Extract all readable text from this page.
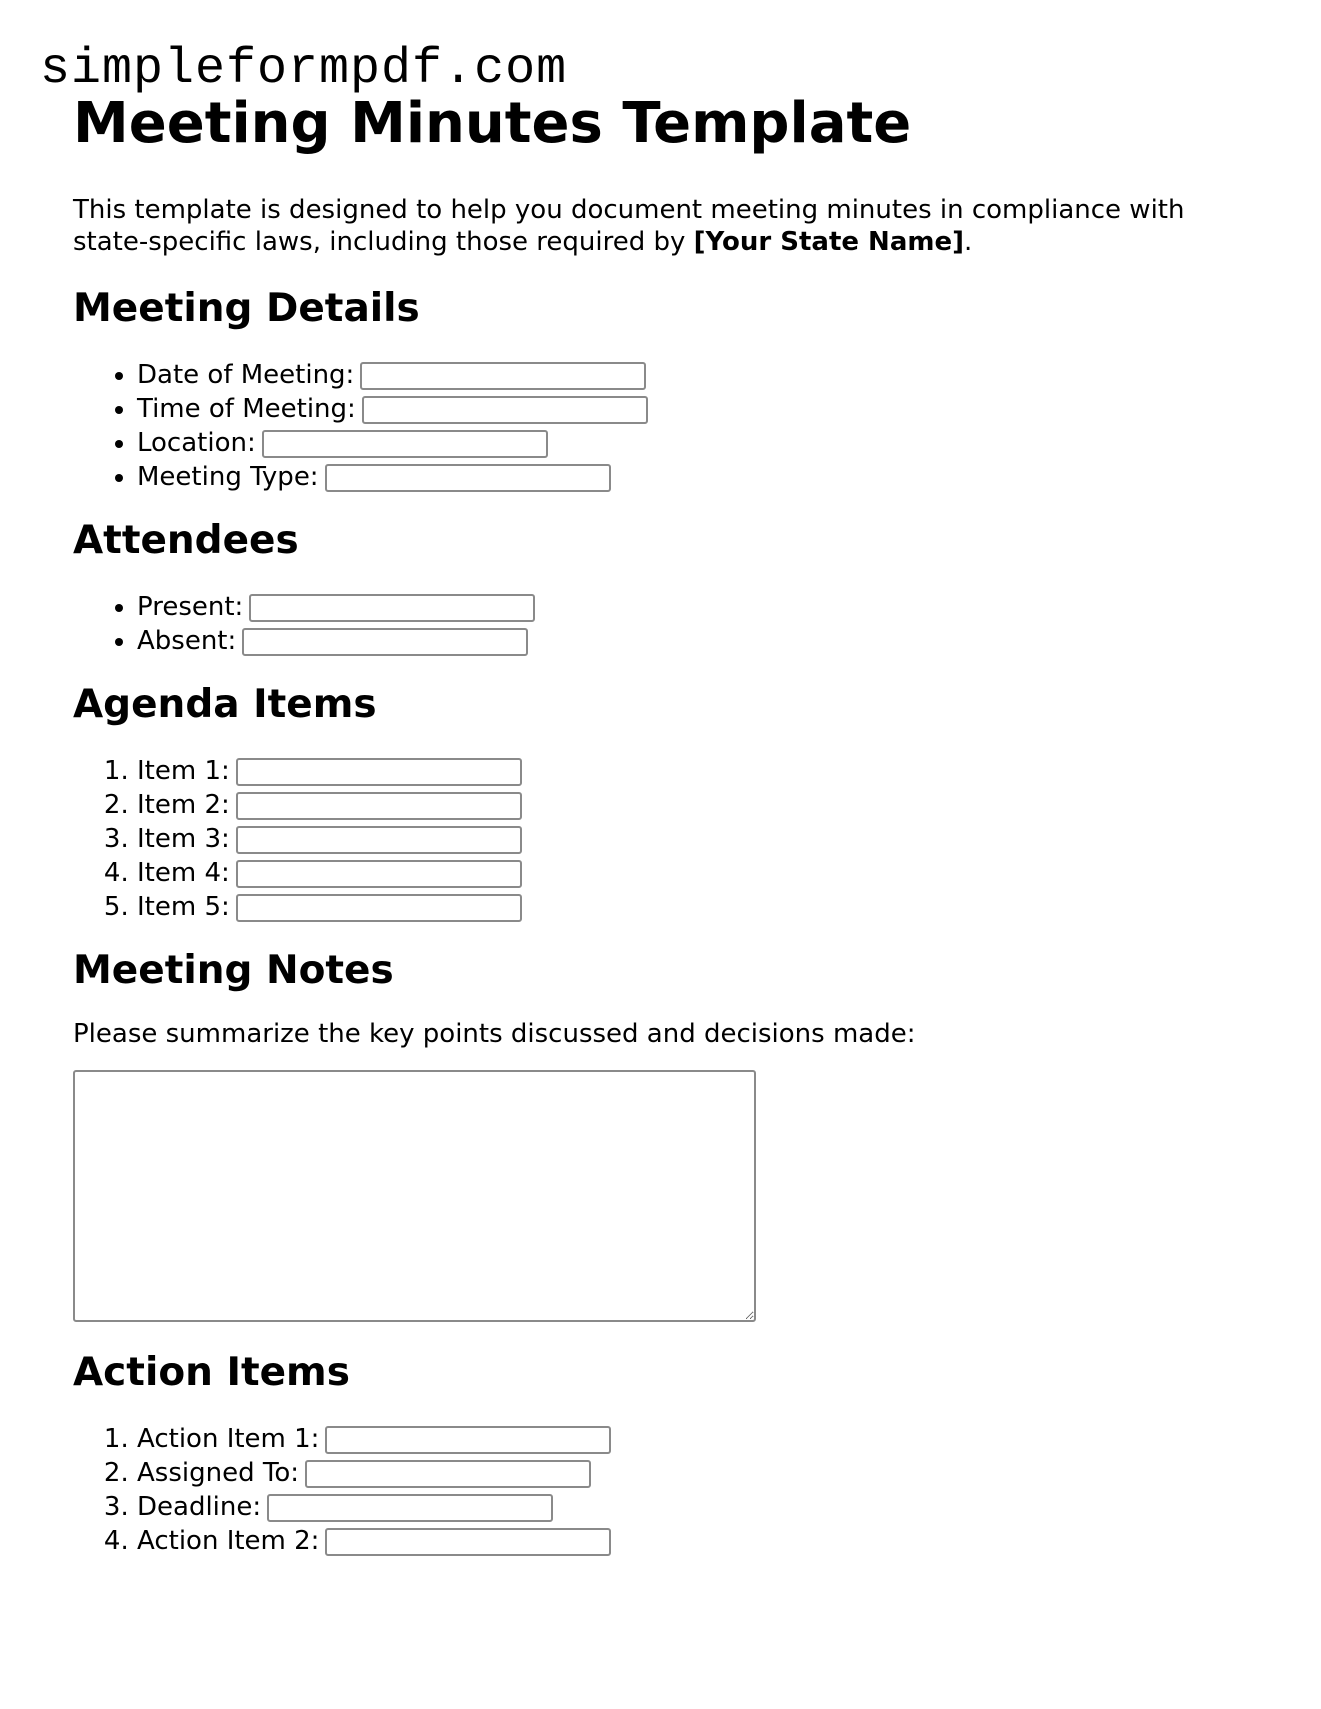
simpleformpdf.com
Meeting Minutes Template

This template is designed to help you document meeting minutes in compliance with state-specific laws, including those required by [Your State Name].

Meeting Details
• Date of Meeting:
• Time of Meeting:
• Location:
• Meeting Type:
Attendees
• Present:
• Absent:
Agenda Items
1. Item 1:
2. Item 2:
3. Item 3:
4. Item 4:
5. Item 5:
Meeting Notes

Please summarize the key points discussed and decisions made:

Action Items
1. Action Item 1:
2. Assigned To:
3. Deadline:
4. Action Item 2:
